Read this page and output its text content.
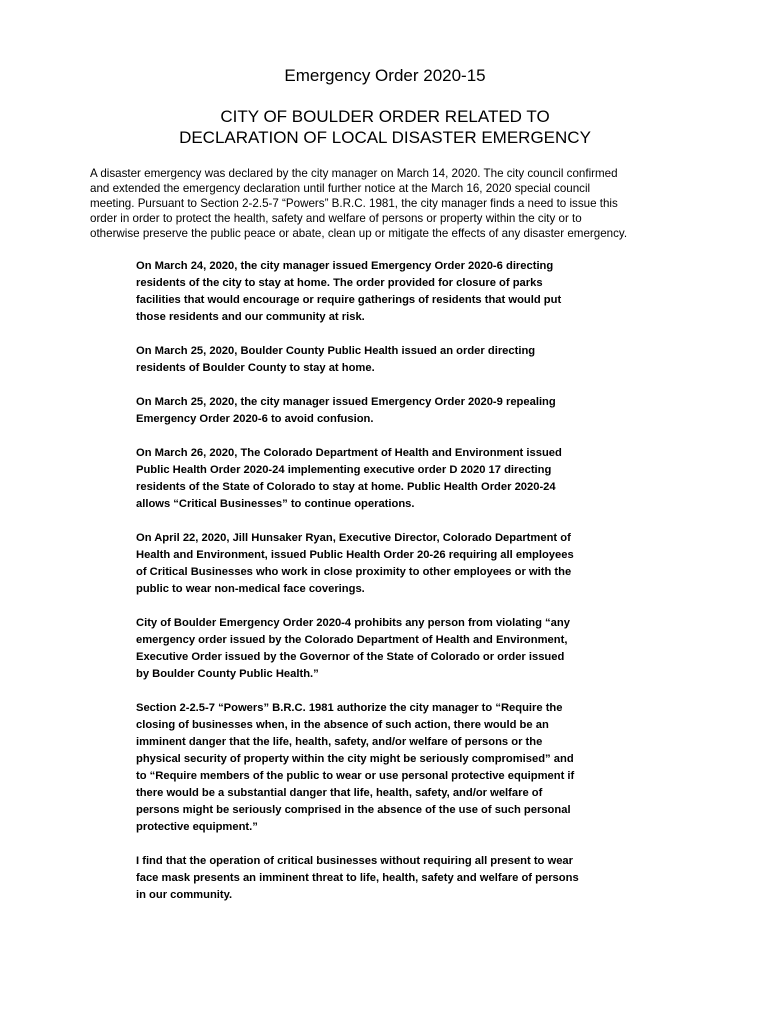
Emergency Order 2020-15
CITY OF BOULDER ORDER RELATED TO
DECLARATION OF LOCAL DISASTER EMERGENCY

A disaster emergency was declared by the city manager on March 14, 2020. The city council confirmed
and extended the emergency declaration until further notice at the March 16, 2020 special council
meeting. Pursuant to Section 2-2.5-7 “Powers” B.R.C. 1981, the city manager finds a need to issue this
order in order to protect the health, safety and welfare of persons or property within the city or to
otherwise preserve the public peace or abate, clean up or mitigate the effects of any disaster emergency.

On March 24, 2020, the city manager issued Emergency Order 2020-6 directing
residents of the city to stay at home. The order provided for closure of parks
facilities that would encourage or require gatherings of residents that would put
those residents and our community at risk.

On March 25, 2020, Boulder County Public Health issued an order directing
residents of Boulder County to stay at home.

On March 25, 2020, the city manager issued Emergency Order 2020-9 repealing
Emergency Order 2020-6 to avoid confusion.

On March 26, 2020, The Colorado Department of Health and Environment issued
Public Health Order 2020-24 implementing executive order D 2020 17 directing
residents of the State of Colorado to stay at home. Public Health Order 2020-24
allows “Critical Businesses” to continue operations.

On April 22, 2020, Jill Hunsaker Ryan, Executive Director, Colorado Department of
Health and Environment, issued Public Health Order 20-26 requiring all employees
of Critical Businesses who work in close proximity to other employees or with the
public to wear non-medical face coverings.

City of Boulder Emergency Order 2020-4 prohibits any person from violating “any
emergency order issued by the Colorado Department of Health and Environment,
Executive Order issued by the Governor of the State of Colorado or order issued
by Boulder County Public Health.”

Section 2-2.5-7 “Powers” B.R.C. 1981 authorize the city manager to “Require the
closing of businesses when, in the absence of such action, there would be an
imminent danger that the life, health, safety, and/or welfare of persons or the
physical security of property within the city might be seriously compromised” and
to “Require members of the public to wear or use personal protective equipment if
there would be a substantial danger that life, health, safety, and/or welfare of
persons might be seriously comprised in the absence of the use of such personal
protective equipment.”

I find that the operation of critical businesses without requiring all present to wear
face mask presents an imminent threat to life, health, safety and welfare of persons
in our community.
